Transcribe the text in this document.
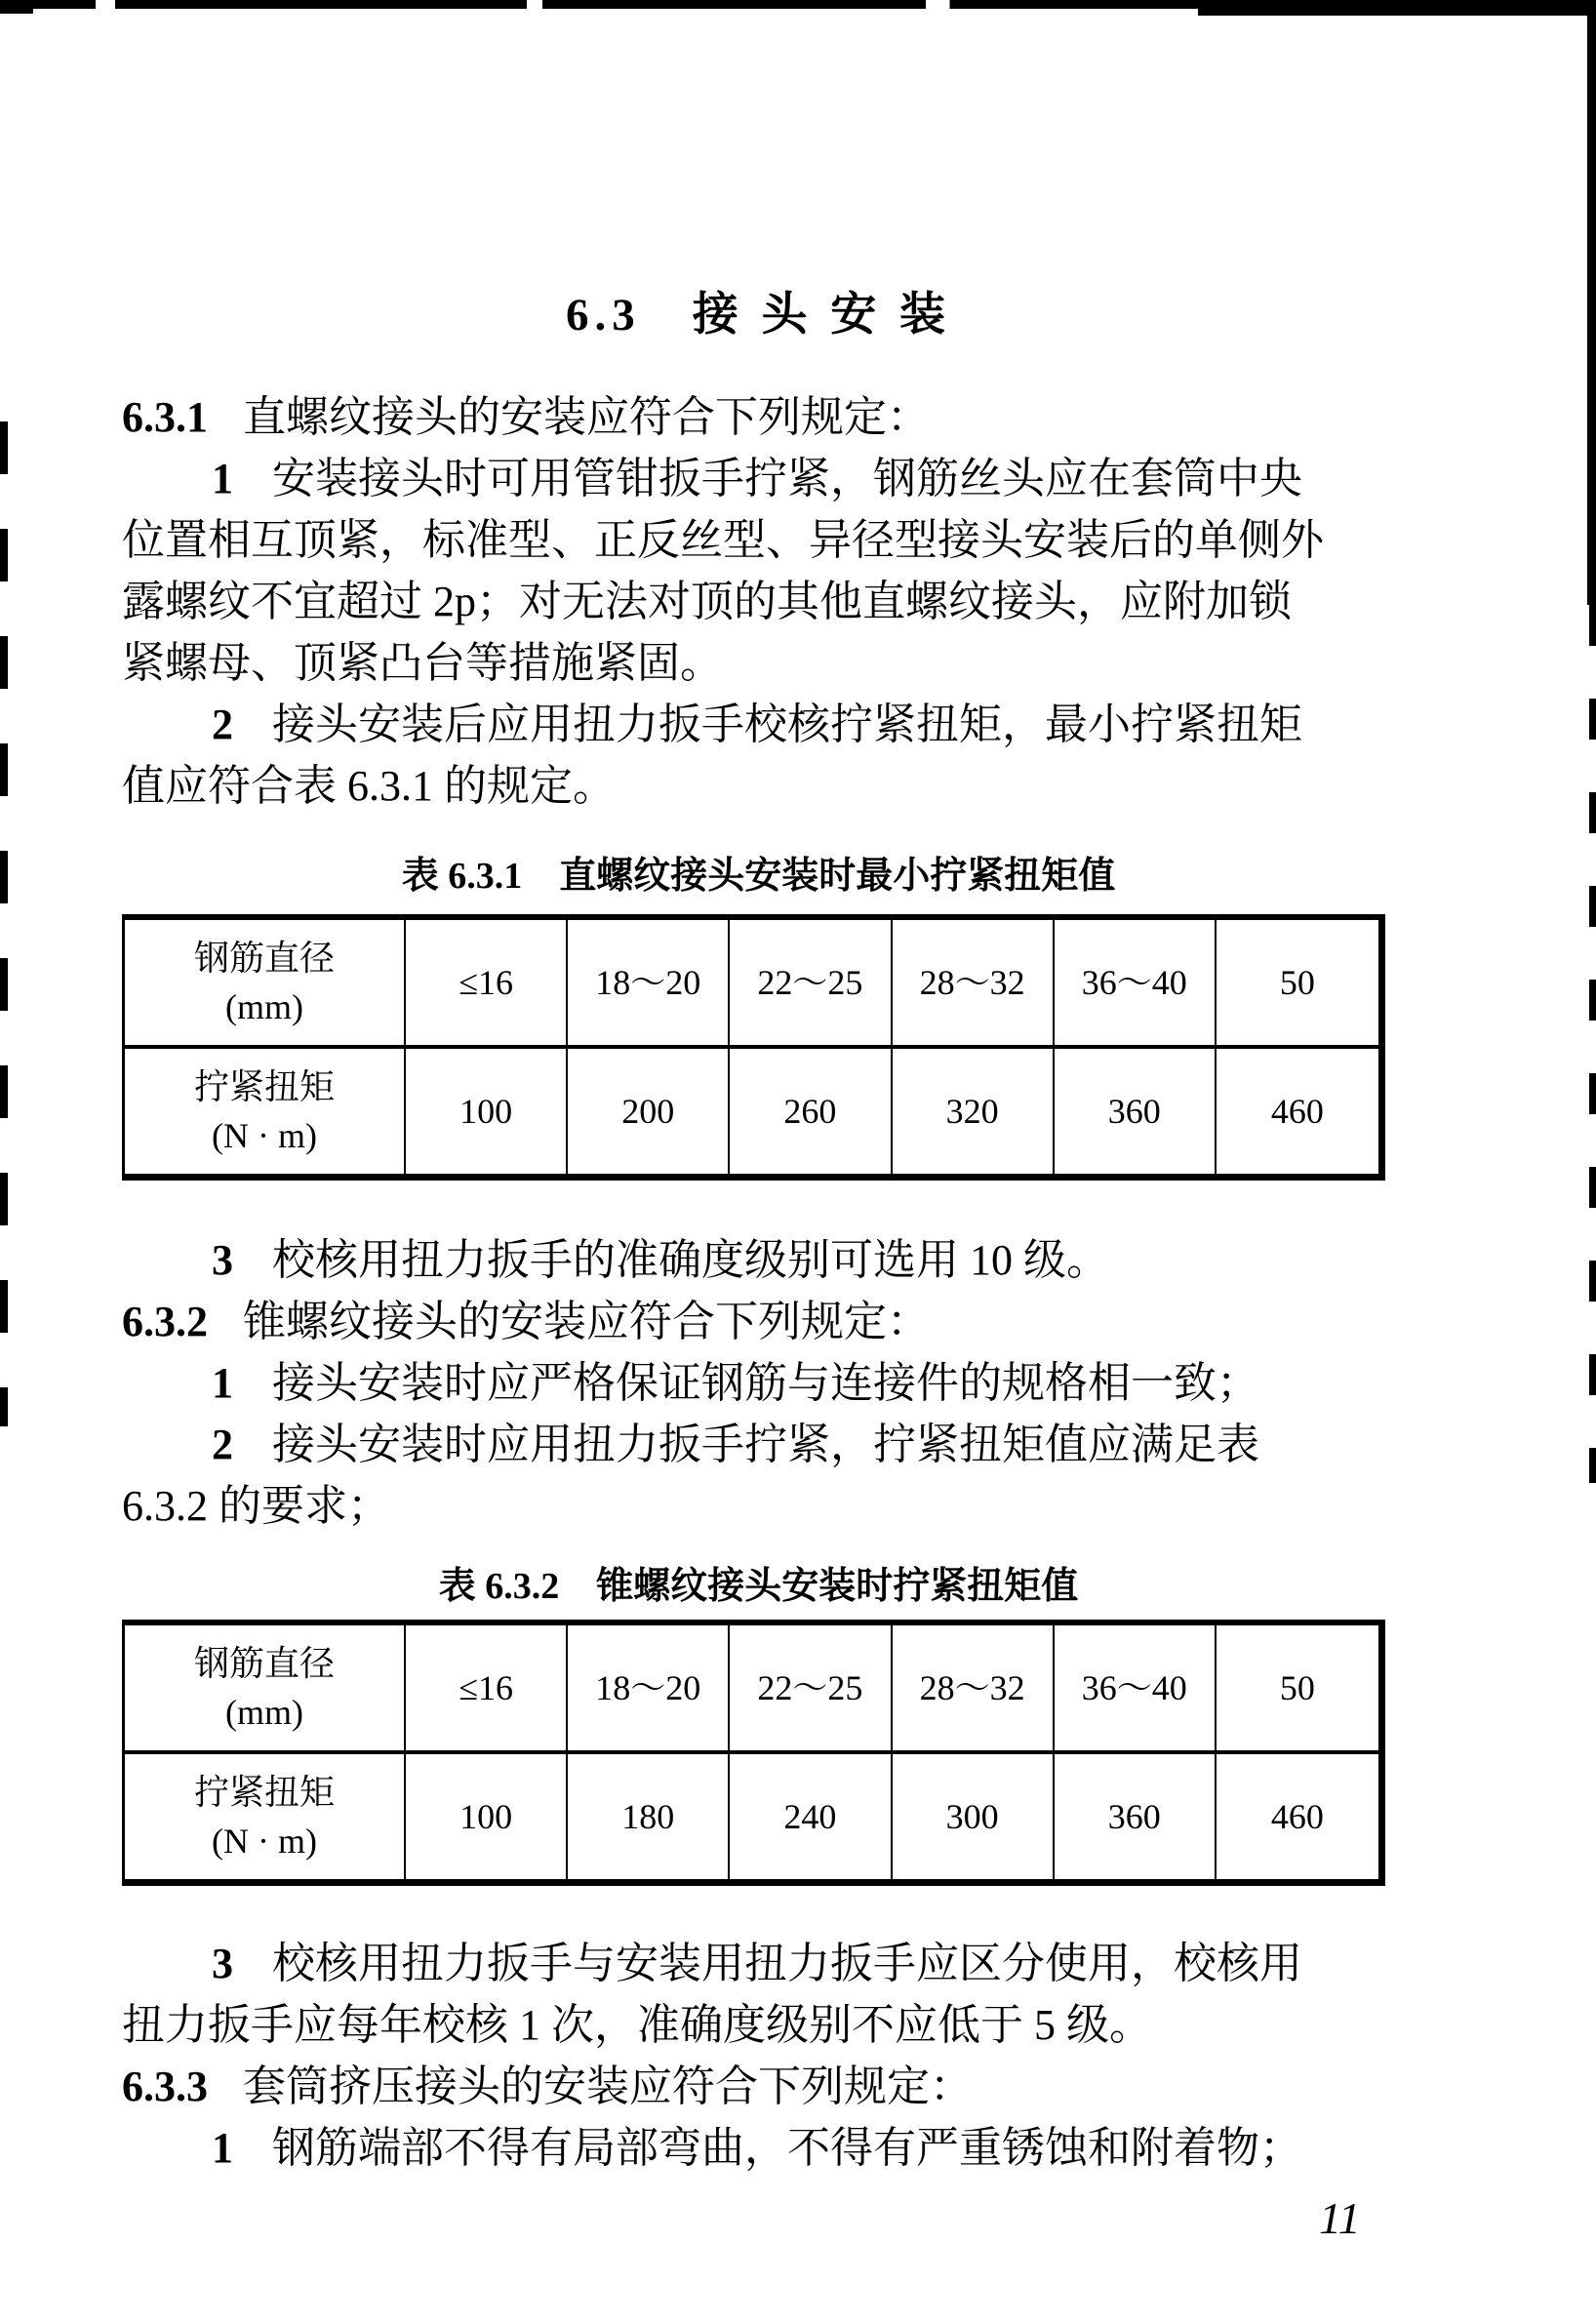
6.3　接 头 安 装
6.3.1 直螺纹接头的安装应符合下列规定：
1 安装接头时可用管钳扳手拧紧，钢筋丝头应在套筒中央
位置相互顶紧，标准型、正反丝型、异径型接头安装后的单侧外
露螺纹不宜超过 2p；对无法对顶的其他直螺纹接头，应附加锁
紧螺母、顶紧凸台等措施紧固。
2 接头安装后应用扭力扳手校核拧紧扭矩，最小拧紧扭矩
值应符合表 6.3.1 的规定。
表 6.3.1　直螺纹接头安装时最小拧紧扭矩值
钢筋直径
(mm)
≤16	18～20	22～25	28～32	36～40	50
拧紧扭矩
(N · m)
100	200	260	320	360	460
3 校核用扭力扳手的准确度级别可选用 10 级。
6.3.2 锥螺纹接头的安装应符合下列规定：
1 接头安装时应严格保证钢筋与连接件的规格相一致；
2 接头安装时应用扭力扳手拧紧，拧紧扭矩值应满足表
6.3.2 的要求；
表 6.3.2　锥螺纹接头安装时拧紧扭矩值
钢筋直径
(mm)
≤16	18～20	22～25	28～32	36～40	50
拧紧扭矩
(N · m)
100	180	240	300	360	460
3 校核用扭力扳手与安装用扭力扳手应区分使用，校核用
扭力扳手应每年校核 1 次，准确度级别不应低于 5 级。
6.3.3 套筒挤压接头的安装应符合下列规定：
1 钢筋端部不得有局部弯曲，不得有严重锈蚀和附着物；
11
